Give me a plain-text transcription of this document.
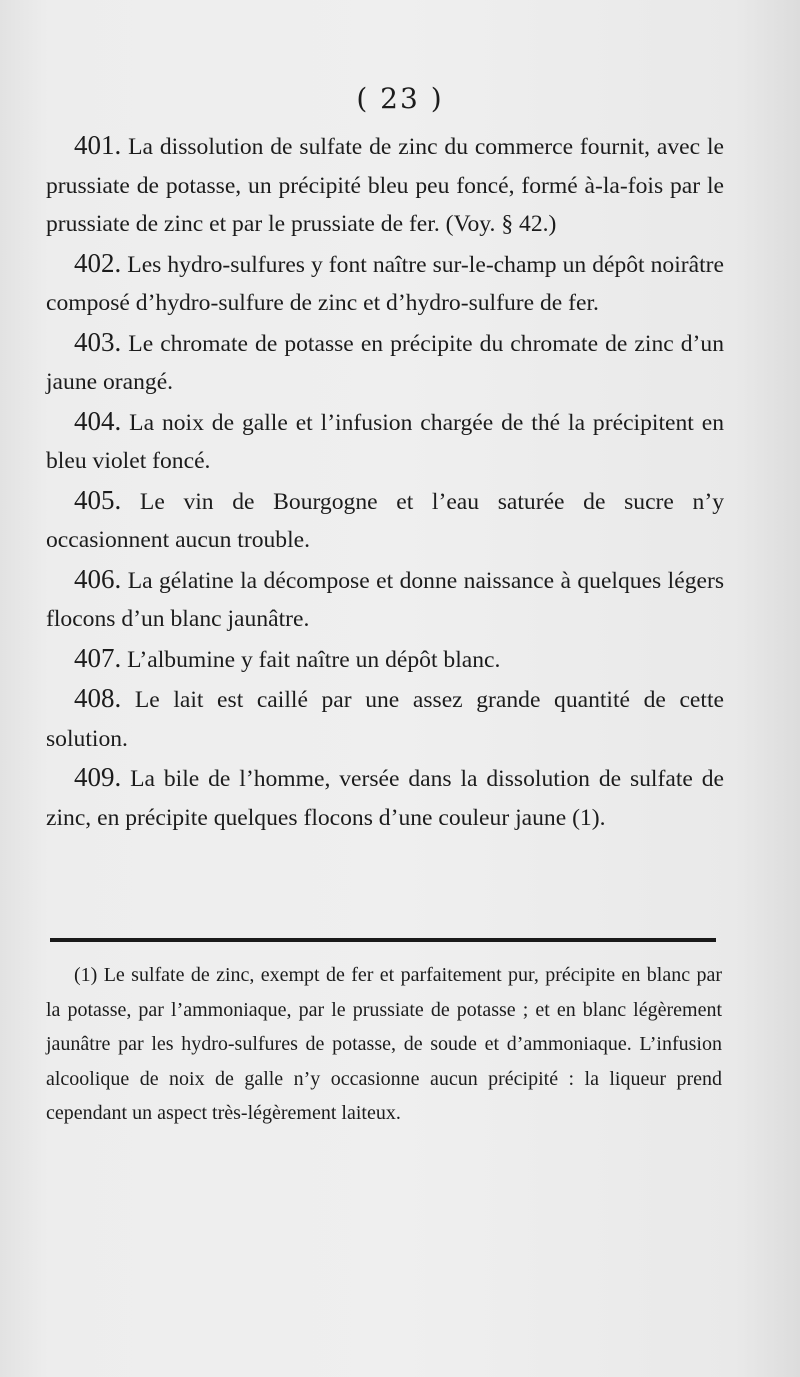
( 23 )

401. La dissolution de sulfate de zinc du commerce fournit, avec le prussiate de potasse, un précipité bleu peu foncé, formé à-la-fois par le prussiate de zinc et par le prussiate de fer. (Voy. § 42.)

402. Les hydro-sulfures y font naître sur-le-champ un dépôt noirâtre composé d’hydro-sulfure de zinc et d’hydro-sulfure de fer.

403. Le chromate de potasse en précipite du chromate de zinc d’un jaune orangé.

404. La noix de galle et l’infusion chargée de thé la précipitent en bleu violet foncé.

405. Le vin de Bourgogne et l’eau saturée de sucre n’y occasionnent aucun trouble.

406. La gélatine la décompose et donne naissance à quelques légers flocons d’un blanc jaunâtre.

407. L’albumine y fait naître un dépôt blanc.

408. Le lait est caillé par une assez grande quantité de cette solution.

409. La bile de l’homme, versée dans la dissolution de sulfate de zinc, en précipite quelques flocons d’une couleur jaune (1).

(1) Le sulfate de zinc, exempt de fer et parfaitement pur, précipite en blanc par la potasse, par l’ammoniaque, par le prussiate de potasse ; et en blanc légèrement jaunâtre par les hydro-sulfures de potasse, de soude et d’ammoniaque. L’infusion alcoolique de noix de galle n’y occasionne aucun précipité : la liqueur prend cependant un aspect très-légèrement laiteux.
